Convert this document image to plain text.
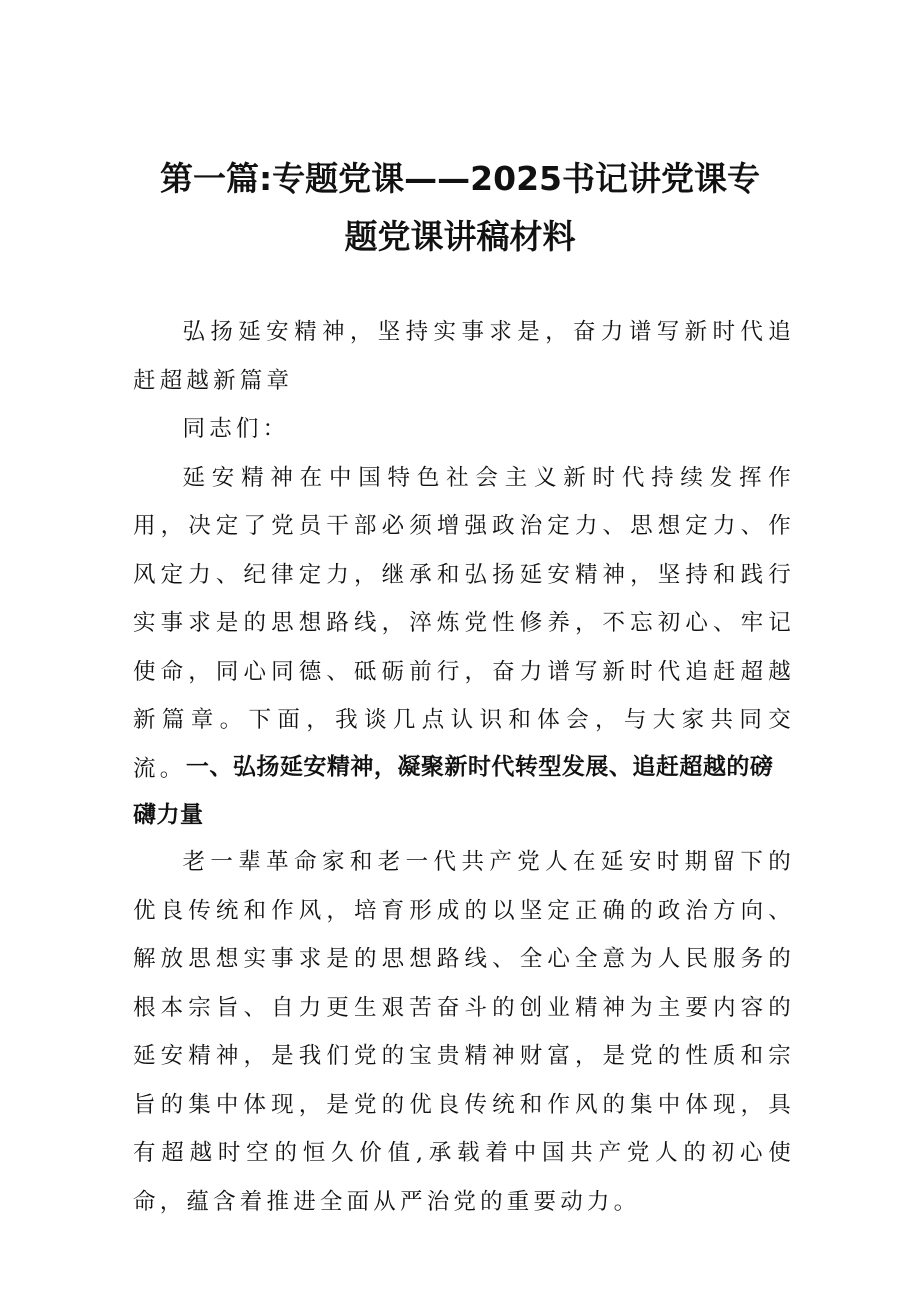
第一篇:专题党课——2025书记讲党课专
题党课讲稿材料

弘扬延安精神，坚持实事求是，奋力谱写新时代追赶超越新篇章

同志们：

延安精神在中国特色社会主义新时代持续发挥作用，决定了党员干部必须增强政治定力、思想定力、作风定力、纪律定力，继承和弘扬延安精神，坚持和践行实事求是的思想路线，淬炼党性修养，不忘初心、牢记使命，同心同德、砥砺前行，奋力谱写新时代追赶超越新篇章。下面，我谈几点认识和体会，与大家共同交流。 一、弘扬延安精神，凝聚新时代转型发展、追赶超越的磅礴力量

老一辈革命家和老一代共产党人在延安时期留下的优良传统和作风，培育形成的以坚定正确的政治方向、解放思想实事求是的思想路线、全心全意为人民服务的根本宗旨、自力更生艰苦奋斗的创业精神为主要内容的延安精神，是我们党的宝贵精神财富，是党的性质和宗旨的集中体现，是党的优良传统和作风的集中体现，具有超越时空的恒久价值,承载着中国共产党人的初心使命，蕴含着推进全面从严治党的重要动力。
